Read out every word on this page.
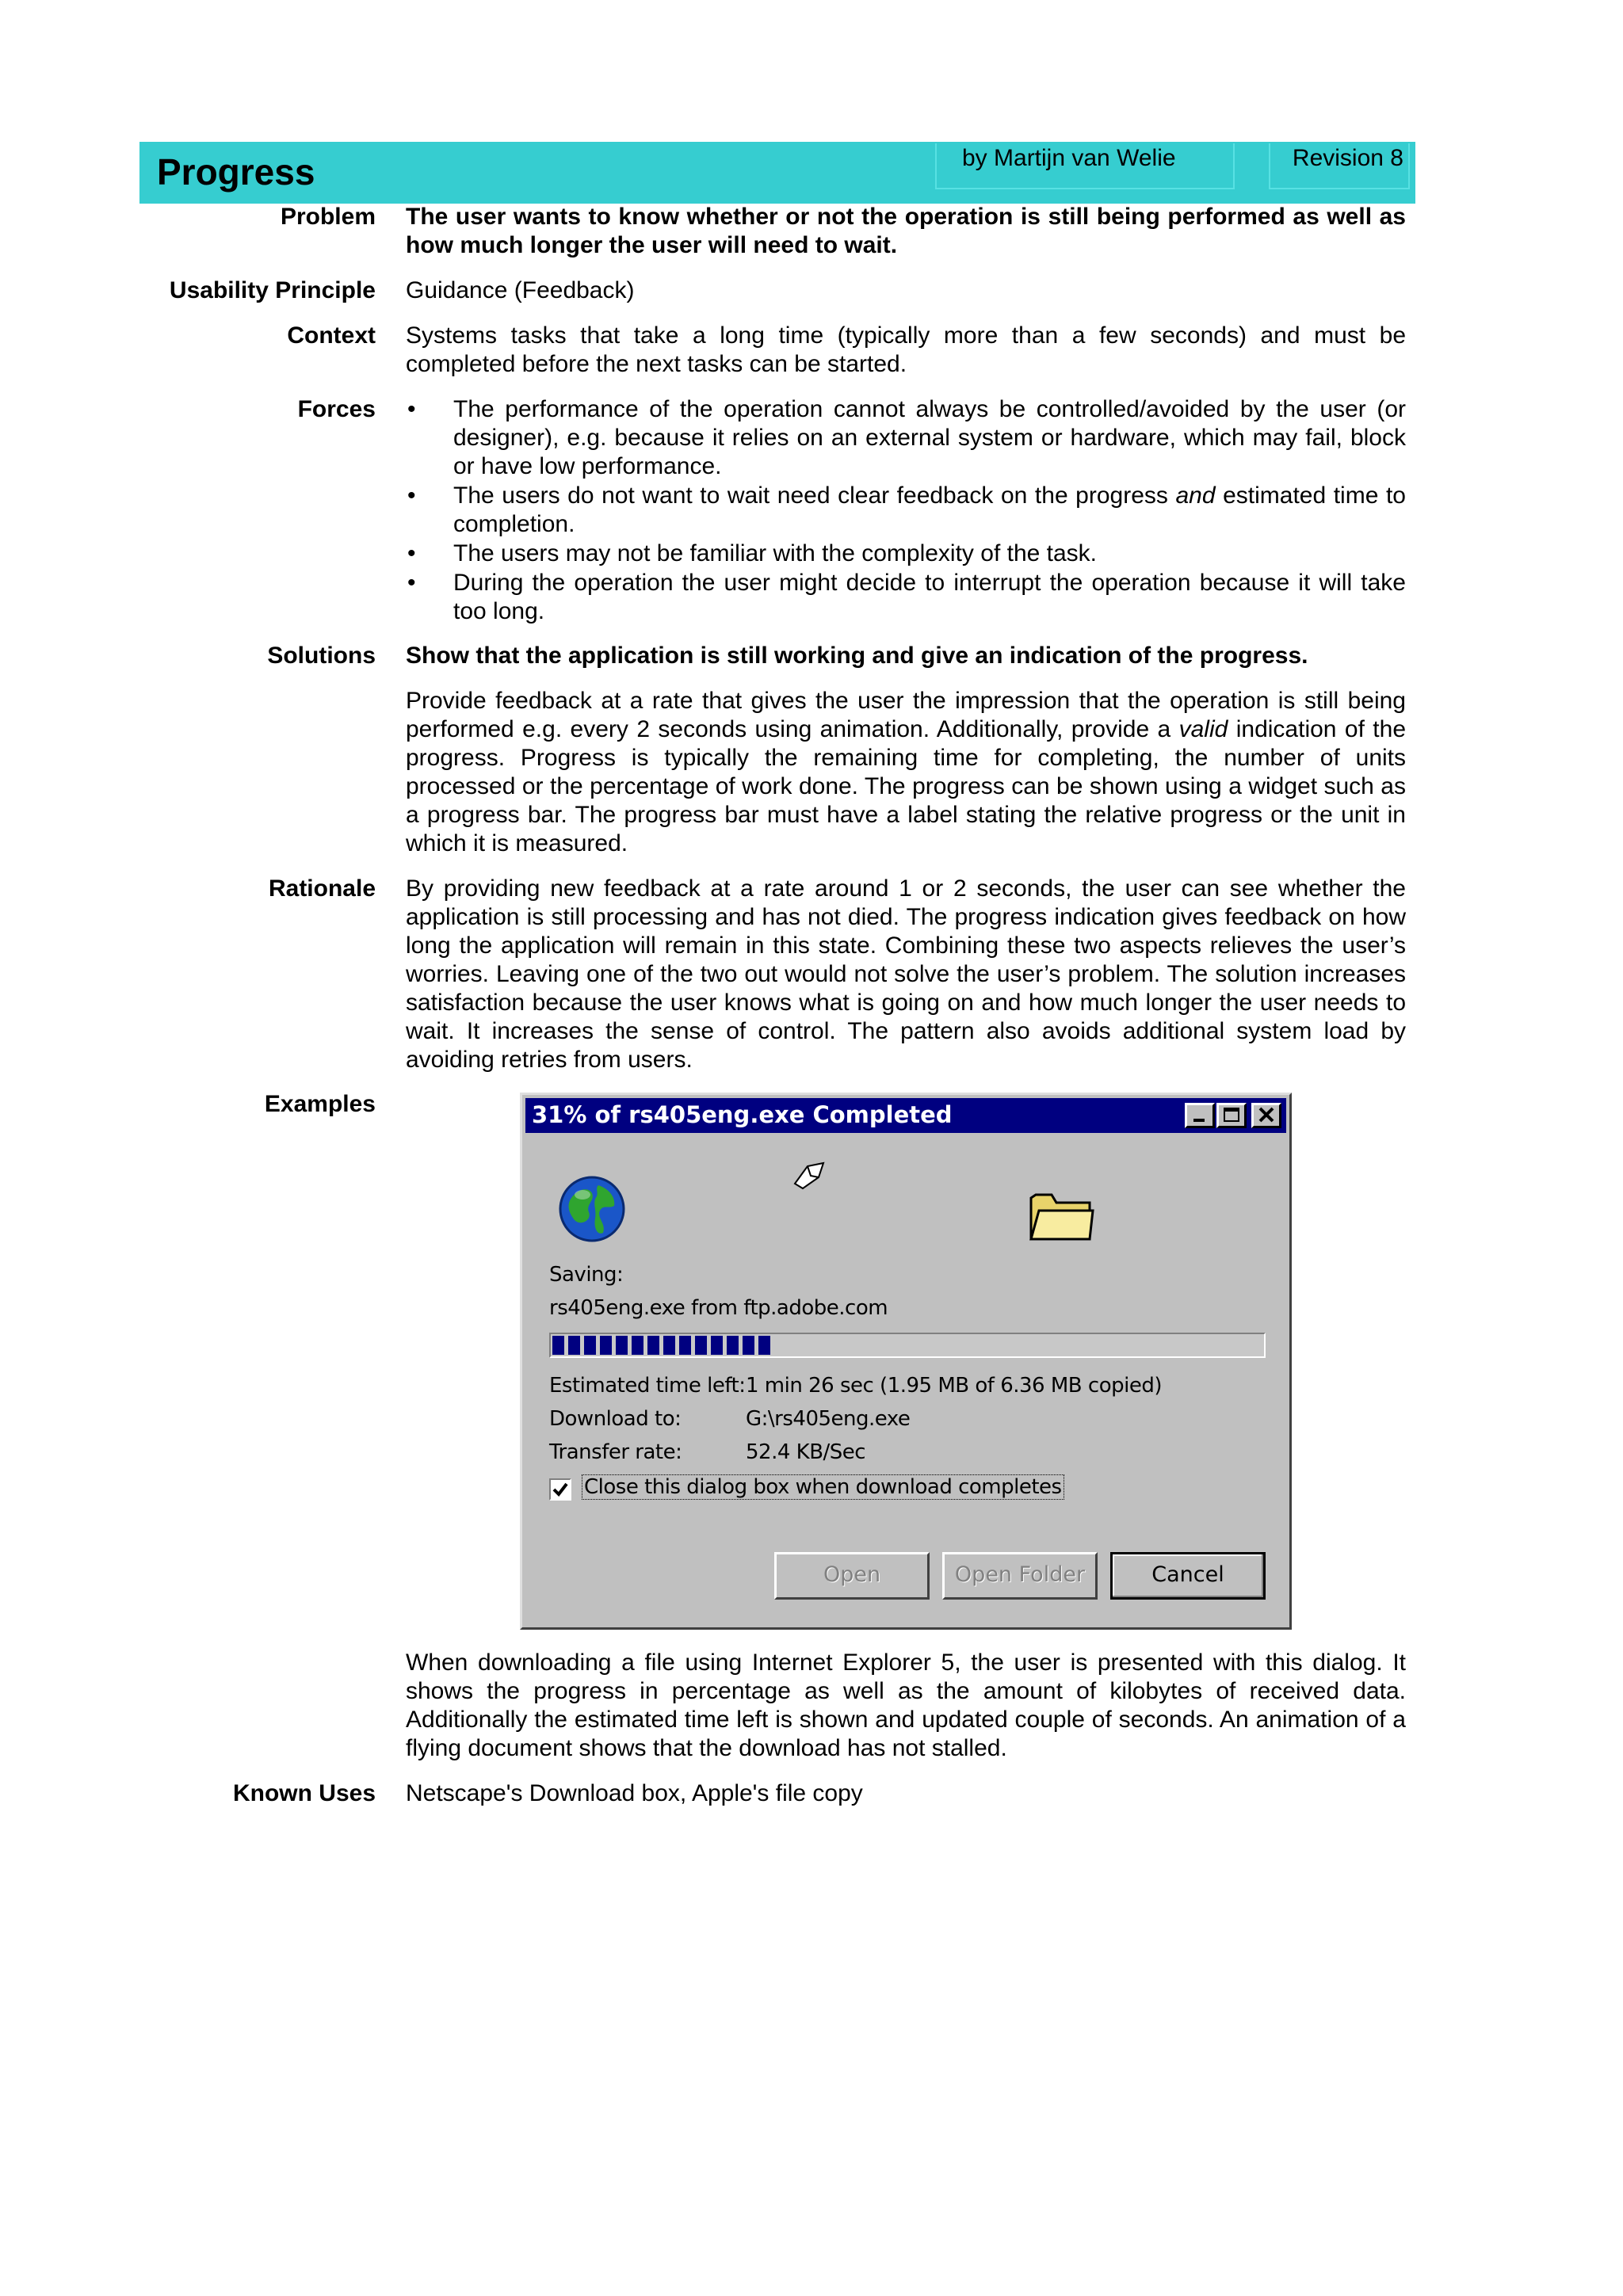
Progress	by Martijn van Welie	Revision 8
Problem The user wants to know whether or not the operation is still being performed as well as how much longer the user will need to wait.
Usability Principle Guidance (Feedback)
Context Systems tasks that take a long time (typically more than a few seconds) and must be completed before the next tasks can be started.
Forces • The performance of the operation cannot always be controlled/avoided by the user (or designer), e.g. because it relies on an external system or hardware, which may fail, block or have low performance.
• The users do not want to wait need clear feedback on the progress and estimated time to completion.
• The users may not be familiar with the complexity of the task.
• During the operation the user might decide to interrupt the operation because it will take too long.
Solutions Show that the application is still working and give an indication of the progress.

Provide feedback at a rate that gives the user the impression that the operation is still being performed e.g. every 2 seconds using animation. Additionally, provide a valid indication of the progress. Progress is typically the remaining time for completing, the number of units processed or the percentage of work done. The progress can be shown using a widget such as a progress bar. The progress bar must have a label stating the relative progress or the unit in which it is measured.

Rationale By providing new feedback at a rate around 1 or 2 seconds, the user can see whether the application is still processing and has not died. The progress indication gives feedback on how long the application will remain in this state. Combining these two aspects relieves the user’s worries. Leaving one of the two out would not solve the user’s problem. The solution increases satisfaction because the user knows what is going on and how much longer the user needs to wait. It increases the sense of control. The pattern also avoids additional system load by avoiding retries from users.
Examples	31% of rs405eng.exe Completed
Saving:
rs405eng.exe from ftp.adobe.com
Estimated time left: 1 min 26 sec (1.95 MB of 6.36 MB copied)
Download to:	G:\rs405eng.exe
Transfer rate:	52.4 KB/Sec
Close this dialog box when download completes
Open	Open Folder	Cancel
When downloading a file using Internet Explorer 5, the user is presented with this dialog. It shows the progress in percentage as well as the amount of kilobytes of received data. Additionally the estimated time left is shown and updated couple of seconds. An animation of a flying document shows that the download has not stalled.
Known Uses Netscape's Download box, Apple's file copy
